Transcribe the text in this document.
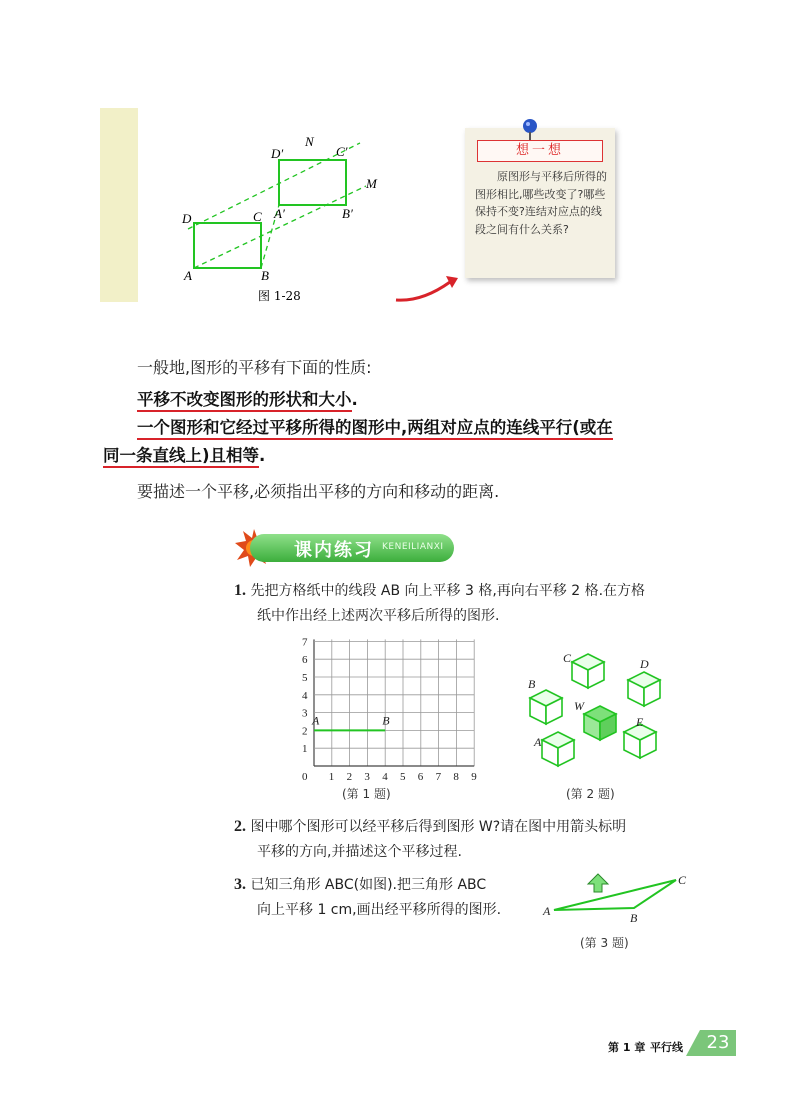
D	C
A	B
D′	C′
A′	B′
N
M
图 1-28
想一想
原图形与平移后所得的图形相比,哪些改变了?哪些保持不变?连结对应点的线段之间有什么关系?
一般地,图形的平移有下面的性质:
平移不改变图形的形状和大小.
一个图形和它经过平移所得的图形中,两组对应点的连线平行(或在
同一条直线上)且相等.
要描述一个平移,必须指出平移的方向和移动的距离.
课内练习 KENEILIANXI
1. 先把方格纸中的线段 AB 向上平移 3 格,再向右平移 2 格.在方格
纸中作出经上述两次平移后所得的图形.
0 1 2 3 4 5 6 7 8 9
1
2
3
4
5
6
7
A	B
(第 1 题)
C	D
B
W
E
A
(第 2 题)
2. 图中哪个图形可以经平移后得到图形 W?请在图中用箭头标明
平移的方向,并描述这个平移过程.
3. 已知三角形 ABC(如图).把三角形 ABC
向上平移 1 cm,画出经平移所得的图形.	A
C
B
(第 3 题)
第 1 章 平行线	23
